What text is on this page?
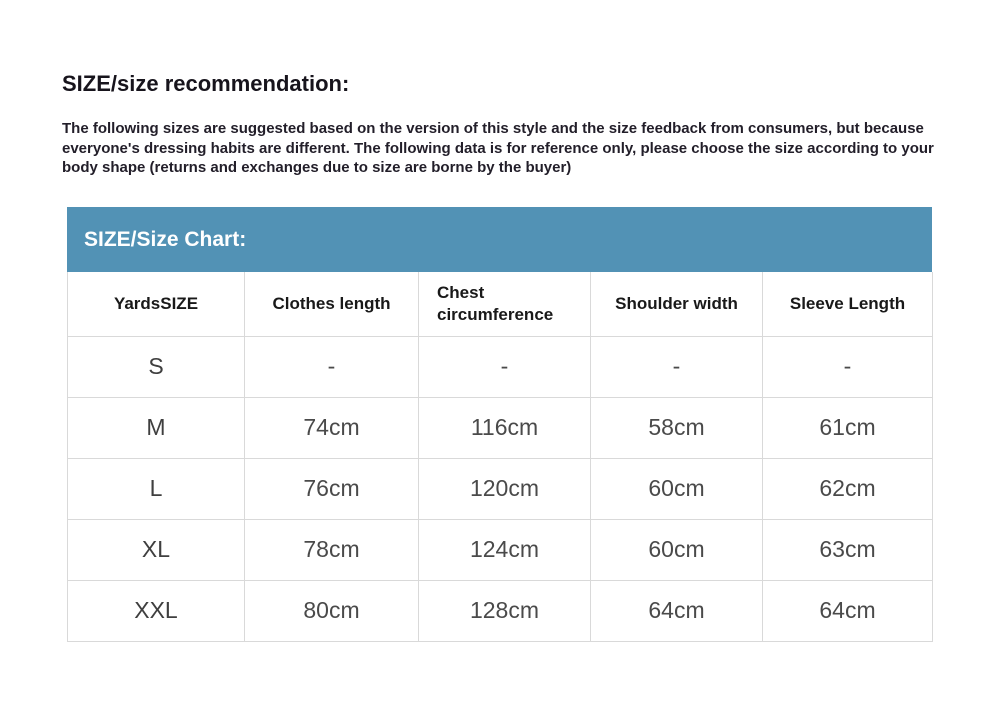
SIZE/size recommendation:

The following sizes are suggested based on the version of this style and the size feedback from consumers, but because everyone's dressing habits are different. The following data is for reference only, please choose the size according to your body shape (returns and exchanges due to size are borne by the buyer)

SIZE/Size Chart:
YardsSIZE	Clothes length	Chest circumference	Shoulder width	Sleeve Length
S	-	-	-	-
M	74cm	116cm	58cm	61cm
L	76cm	120cm	60cm	62cm
XL	78cm	124cm	60cm	63cm
XXL	80cm	128cm	64cm	64cm
